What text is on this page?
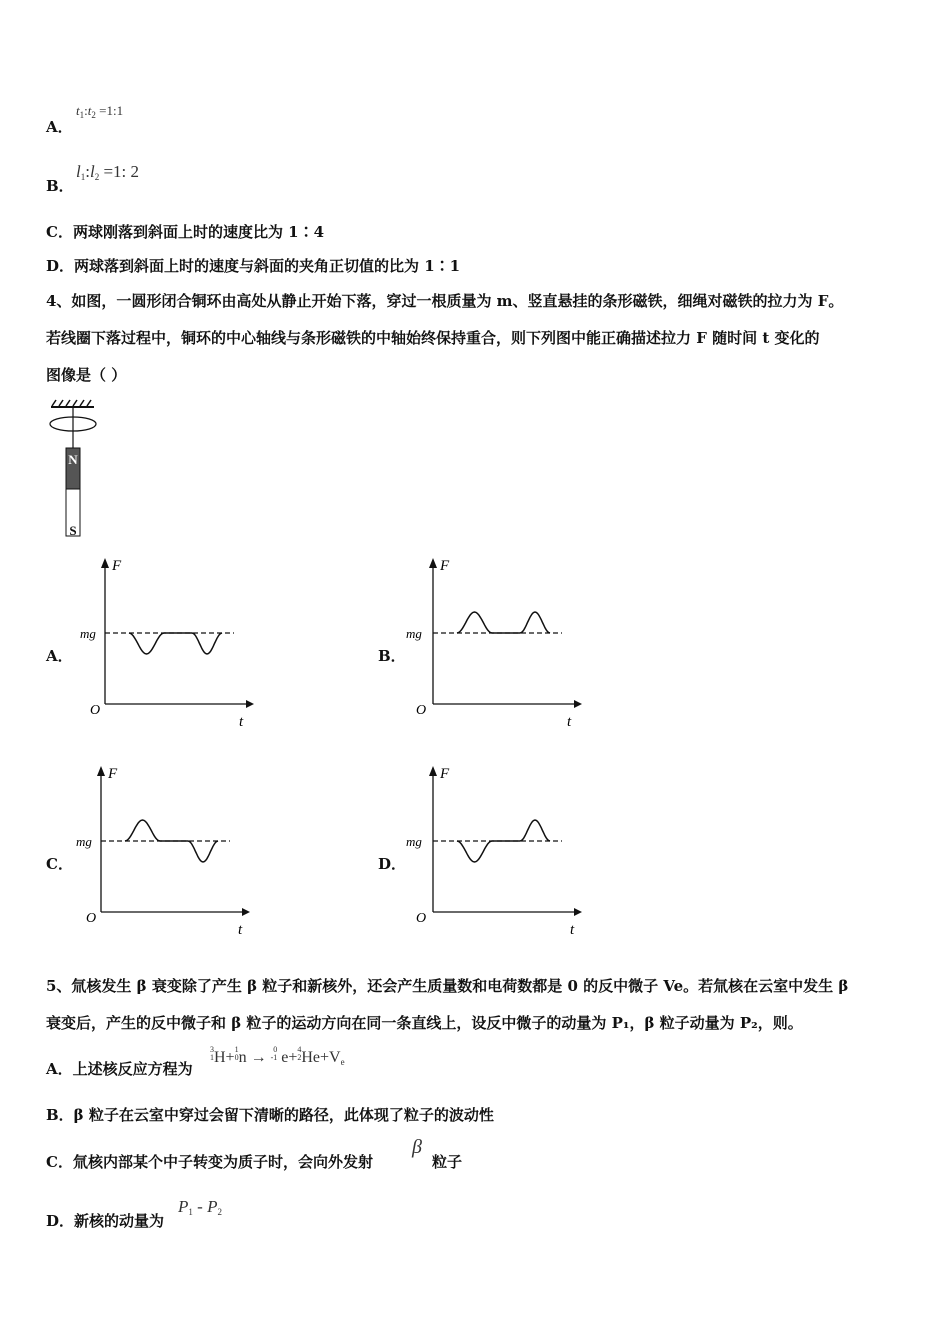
A．
$t_1:t_2$ =1:1
B．
$l_1:l_2 =1$: 2
C．两球刚落到斜面上时的速度比为 1∶4
D．两球落到斜面上时的速度与斜面的夹角正切值的比为 1∶1
4、如图，一圆形闭合铜环由高处从静止开始下落，穿过一根质量为 m、竖直悬挂的条形磁铁，细绳对磁铁的拉力为 F。
若线圈下落过程中，铜环的中心轴线与条形磁铁的中轴始终保持重合，则下列图中能正确描述拉力 F 随时间 t 变化的
图像是（ ）
N
S
A．	B．
C．	D．
F
t
O
mg
F
t
O
mg
F
t
O
mg
F
t
O
mg
5、氚核发生 β 衰变除了产生 β 粒子和新核外，还会产生质量数和电荷数都是 0 的反中微子 Ve。若氚核在云室中发生 β
衰变后，产生的反中微子和 β 粒子的运动方向在同一条直线上，设反中微子的动量为 P₁，β 粒子动量为 P₂，则。
A．上述核反应方程为
3
1H+1
0n → 0
-1 e+4
$2He+V_e$
B．β 粒子在云室中穿过会留下清晰的路径，此体现了粒子的波动性
C．氚核内部某个中子转变为质子时，会向外发射
β
粒子
D．新核的动量为
$P_1 - P_2$
